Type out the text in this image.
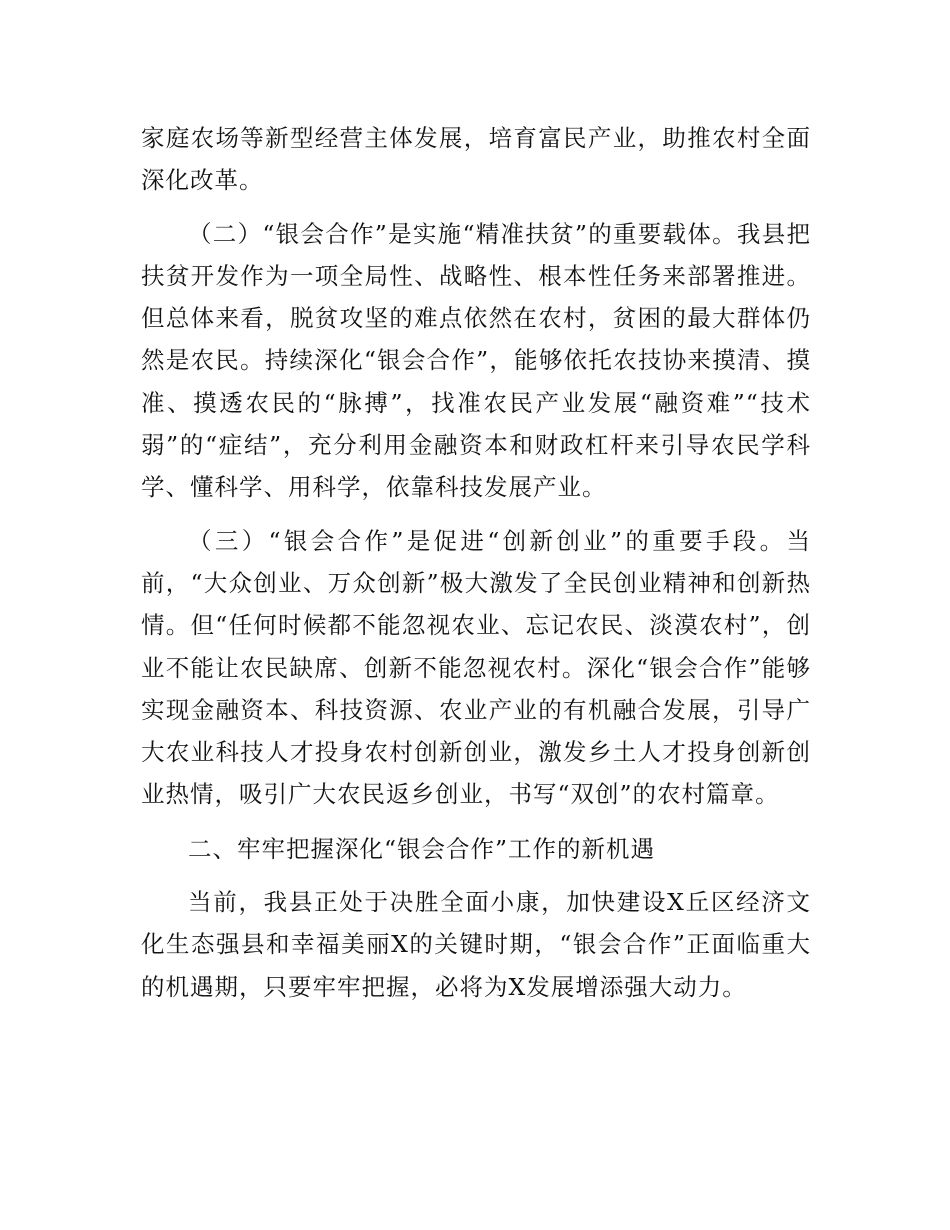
家庭农场等新型经营主体发展，培育富民产业，助推农村全面深化改革。

（二）“银会合作”是实施“精准扶贫”的重要载体。我县把扶贫开发作为一项全局性、战略性、根本性任务来部署推进。但总体来看，脱贫攻坚的难点依然在农村，贫困的最大群体仍然是农民。持续深化“银会合作”，能够依托农技协来摸清、摸准、摸透农民的“脉搏”，找准农民产业发展“融资难”“技术弱”的“症结”，充分利用金融资本和财政杠杆来引导农民学科学、懂科学、用科学，依靠科技发展产业。

（三）“银会合作”是促进“创新创业”的重要手段。当前，“大众创业、万众创新”极大激发了全民创业精神和创新热情。但“任何时候都不能忽视农业、忘记农民、淡漠农村”，创业不能让农民缺席、创新不能忽视农村。深化“银会合作”能够实现金融资本、科技资源、农业产业的有机融合发展，引导广大农业科技人才投身农村创新创业，激发乡土人才投身创新创业热情，吸引广大农民返乡创业，书写“双创”的农村篇章。

二、牢牢把握深化“银会合作”工作的新机遇

当前，我县正处于决胜全面小康，加快建设X丘区经济文化生态强县和幸福美丽X的关键时期，“银会合作”正面临重大的机遇期，只要牢牢把握，必将为X发展增添强大动力。
